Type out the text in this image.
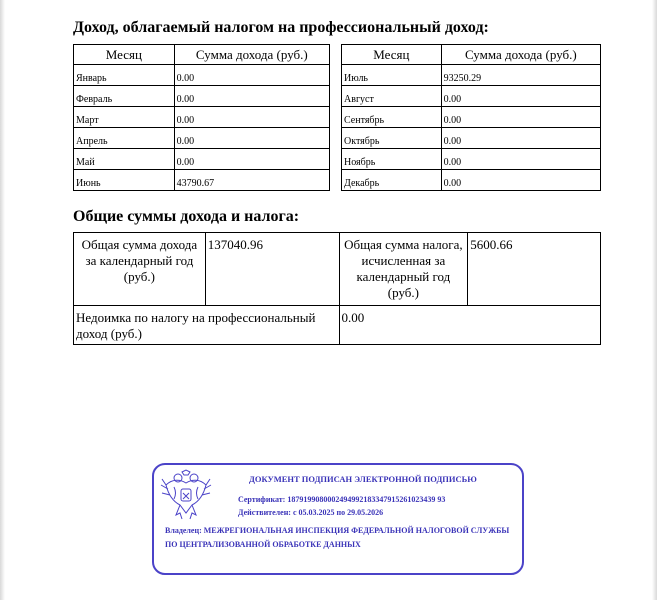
Доход, облагаемый налогом на профессиональный доход:
Месяц	Сумма дохода (руб.)
Январь	0.00
Февраль	0.00
Март	0.00
Апрель	0.00
Май	0.00
Июнь	43790.67
Месяц	Сумма дохода (руб.)
Июль	93250.29
Август	0.00
Сентябрь	0.00
Октябрь	0.00
Ноябрь	0.00
Декабрь	0.00
Общие суммы дохода и налога:
Общая сумма дохода за календарный год (руб.)	137040.96	Общая сумма налога, исчисленная за календарный год (руб.)	5600.66
Недоимка по налогу на профессиональный доход (руб.)		0.00	
ДОКУМЕНТ ПОДПИСАН ЭЛЕКТРОННОЙ ПОДПИСЬЮ
Сертификат: 1879199080002494992183347915261023439 93
Действителен: с 05.03.2025 по 29.05.2026
Владелец: МЕЖРЕГИОНАЛЬНАЯ ИНСПЕКЦИЯ ФЕДЕРАЛЬНОЙ НАЛОГОВОЙ СЛУЖБЫ ПО ЦЕНТРАЛИЗОВАННОЙ ОБРАБОТКЕ ДАННЫХ
